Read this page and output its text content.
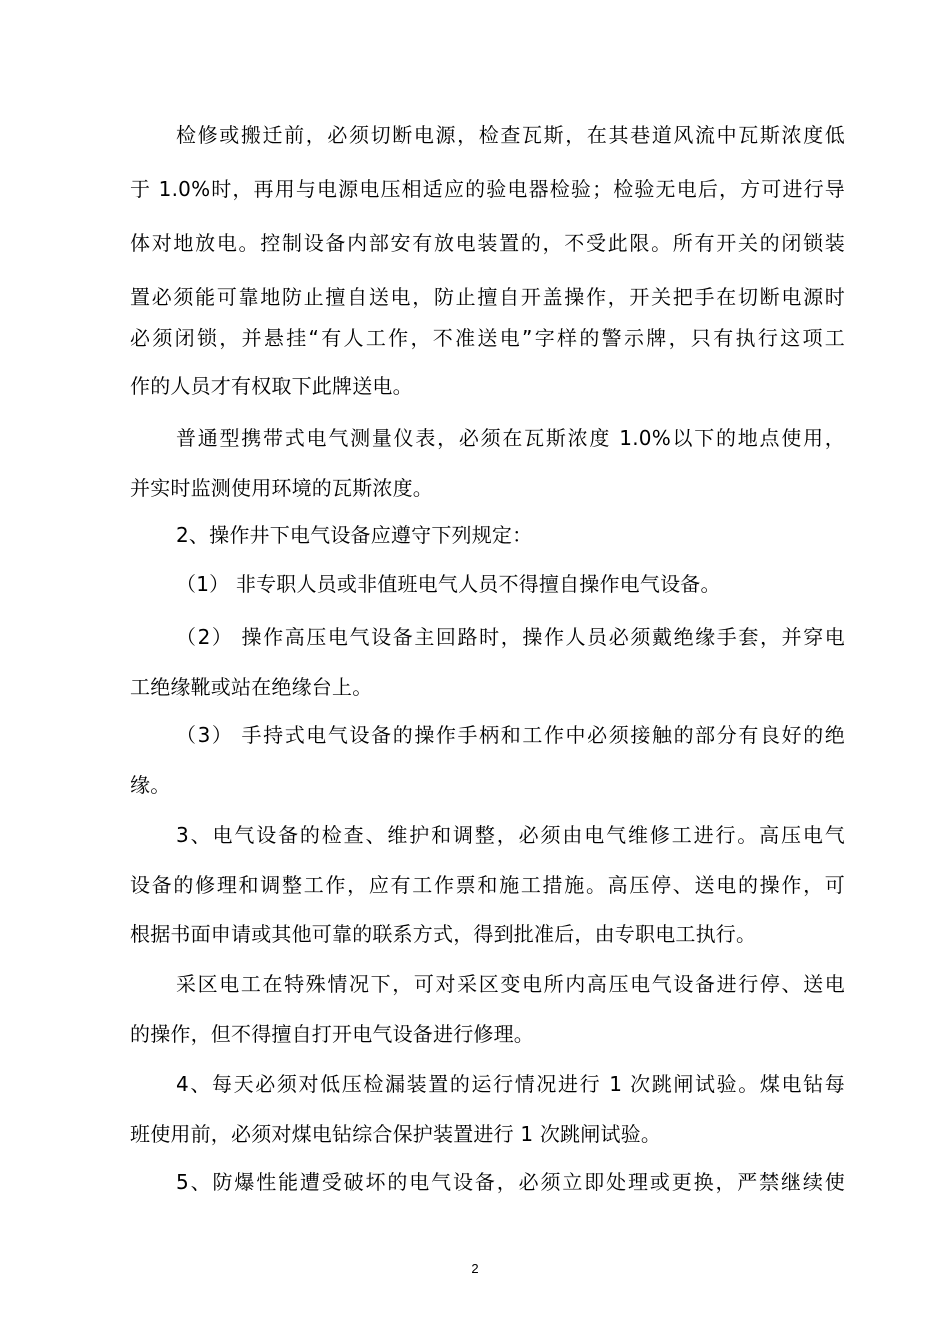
检修或搬迁前，必须切断电源，检查瓦斯，在其巷道风流中瓦斯浓度低
于 1.0%时，再用与电源电压相适应的验电器检验；检验无电后，方可进行导
体对地放电。控制设备内部安有放电装置的，不受此限。所有开关的闭锁装
置必须能可靠地防止擅自送电，防止擅自开盖操作，开关把手在切断电源时
必须闭锁，并悬挂“有人工作，不准送电”字样的警示牌，只有执行这项工
作的人员才有权取下此牌送电。
普通型携带式电气测量仪表，必须在瓦斯浓度 1.0%以下的地点使用，
并实时监测使用环境的瓦斯浓度。
2、操作井下电气设备应遵守下列规定：
（1） 非专职人员或非值班电气人员不得擅自操作电气设备。
（2） 操作高压电气设备主回路时，操作人员必须戴绝缘手套，并穿电
工绝缘靴或站在绝缘台上。
（3） 手持式电气设备的操作手柄和工作中必须接触的部分有良好的绝
缘。
3、电气设备的检查、维护和调整，必须由电气维修工进行。高压电气
设备的修理和调整工作，应有工作票和施工措施。高压停、送电的操作，可
根据书面申请或其他可靠的联系方式，得到批准后，由专职电工执行。
采区电工在特殊情况下，可对采区变电所内高压电气设备进行停、送电
的操作，但不得擅自打开电气设备进行修理。
4、每天必须对低压检漏装置的运行情况进行 1 次跳闸试验。煤电钻每
班使用前，必须对煤电钻综合保护装置进行 1 次跳闸试验。
5、防爆性能遭受破坏的电气设备，必须立即处理或更换，严禁继续使
2
